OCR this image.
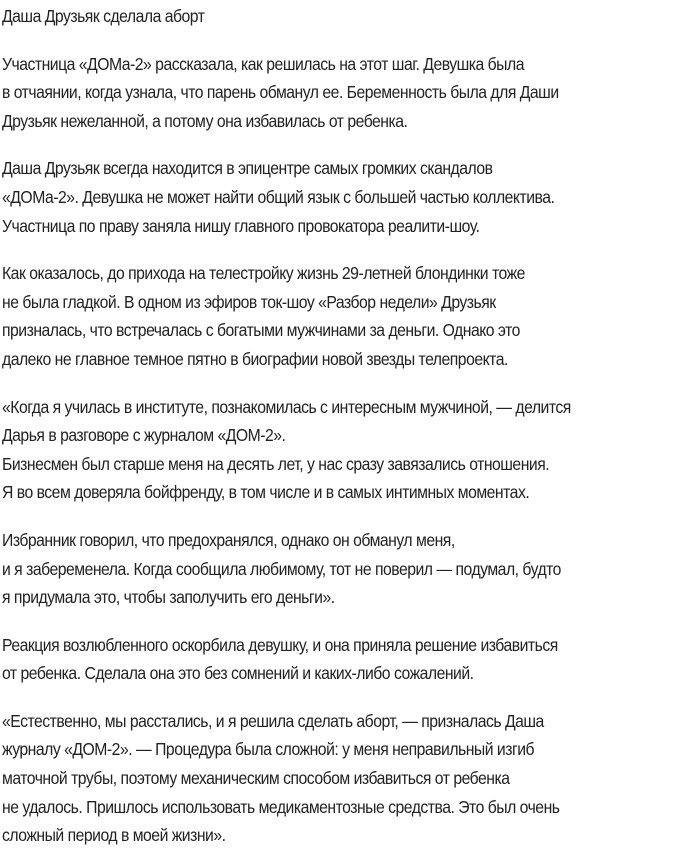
Даша Друзьяк сделала аборт

Участница «ДОМа-2» рассказала, как решилась на этот шаг. Девушка была

в отчаянии, когда узнала, что парень обманул ее. Беременность была для Даши

Друзьяк нежеланной, а потому она избавилась от ребенка.

Даша Друзьяк всегда находится в эпицентре самых громких скандалов

«ДОМа-2». Девушка не может найти общий язык с большей частью коллектива.

Участница по праву заняла нишу главного провокатора реалити-шоу.

Как оказалось, до прихода на телестройку жизнь 29-летней блондинки тоже

не была гладкой. В одном из эфиров ток-шоу «Разбор недели» Друзьяк

призналась, что встречалась с богатыми мужчинами за деньги. Однако это

далеко не главное темное пятно в биографии новой звезды телепроекта.

«Когда я училась в институте, познакомилась с интересным мужчиной, — делится

Дарья в разговоре с журналом «ДОМ-2».

Бизнесмен был старше меня на десять лет, у нас сразу завязались отношения.

Я во всем доверяла бойфренду, в том числе и в самых интимных моментах.

Избранник говорил, что предохранялся, однако он обманул меня,

и я забеременела. Когда сообщила любимому, тот не поверил — подумал, будто

я придумала это, чтобы заполучить его деньги».

Реакция возлюбленного оскорбила девушку, и она приняла решение избавиться

от ребенка. Сделала она это без сомнений и каких-либо сожалений.

«Естественно, мы расстались, и я решила сделать аборт, — призналась Даша

журналу «ДОМ-2». — Процедура была сложной: у меня неправильный изгиб

маточной трубы, поэтому механическим способом избавиться от ребенка

не удалось. Пришлось использовать медикаментозные средства. Это был очень

сложный период в моей жизни».
